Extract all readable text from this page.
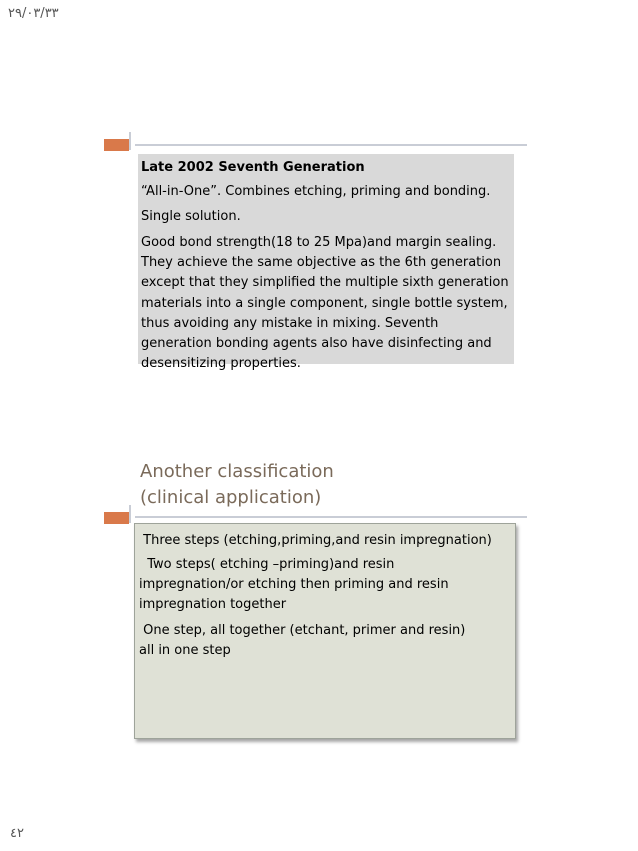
٢٩/٠٣/٣٣
Late 2002 Seventh Generation
“All-in-One”. Combines etching, priming and bonding.
Single solution.
Good bond strength(18 to 25 Mpa)and margin sealing. They achieve the same objective as the 6th generation except that they simplified the multiple sixth generation materials into a single component, single bottle system, thus avoiding any mistake in mixing. Seventh generation bonding agents also have disinfecting and desensitizing properties.
Another classification
(clinical application)
Three steps (etching,priming,and resin impregnation)
Two steps( etching –priming)and resin impregnation/or etching then priming and resin impregnation together
One step, all together (etchant, primer and resin) all in one step
٤٢
